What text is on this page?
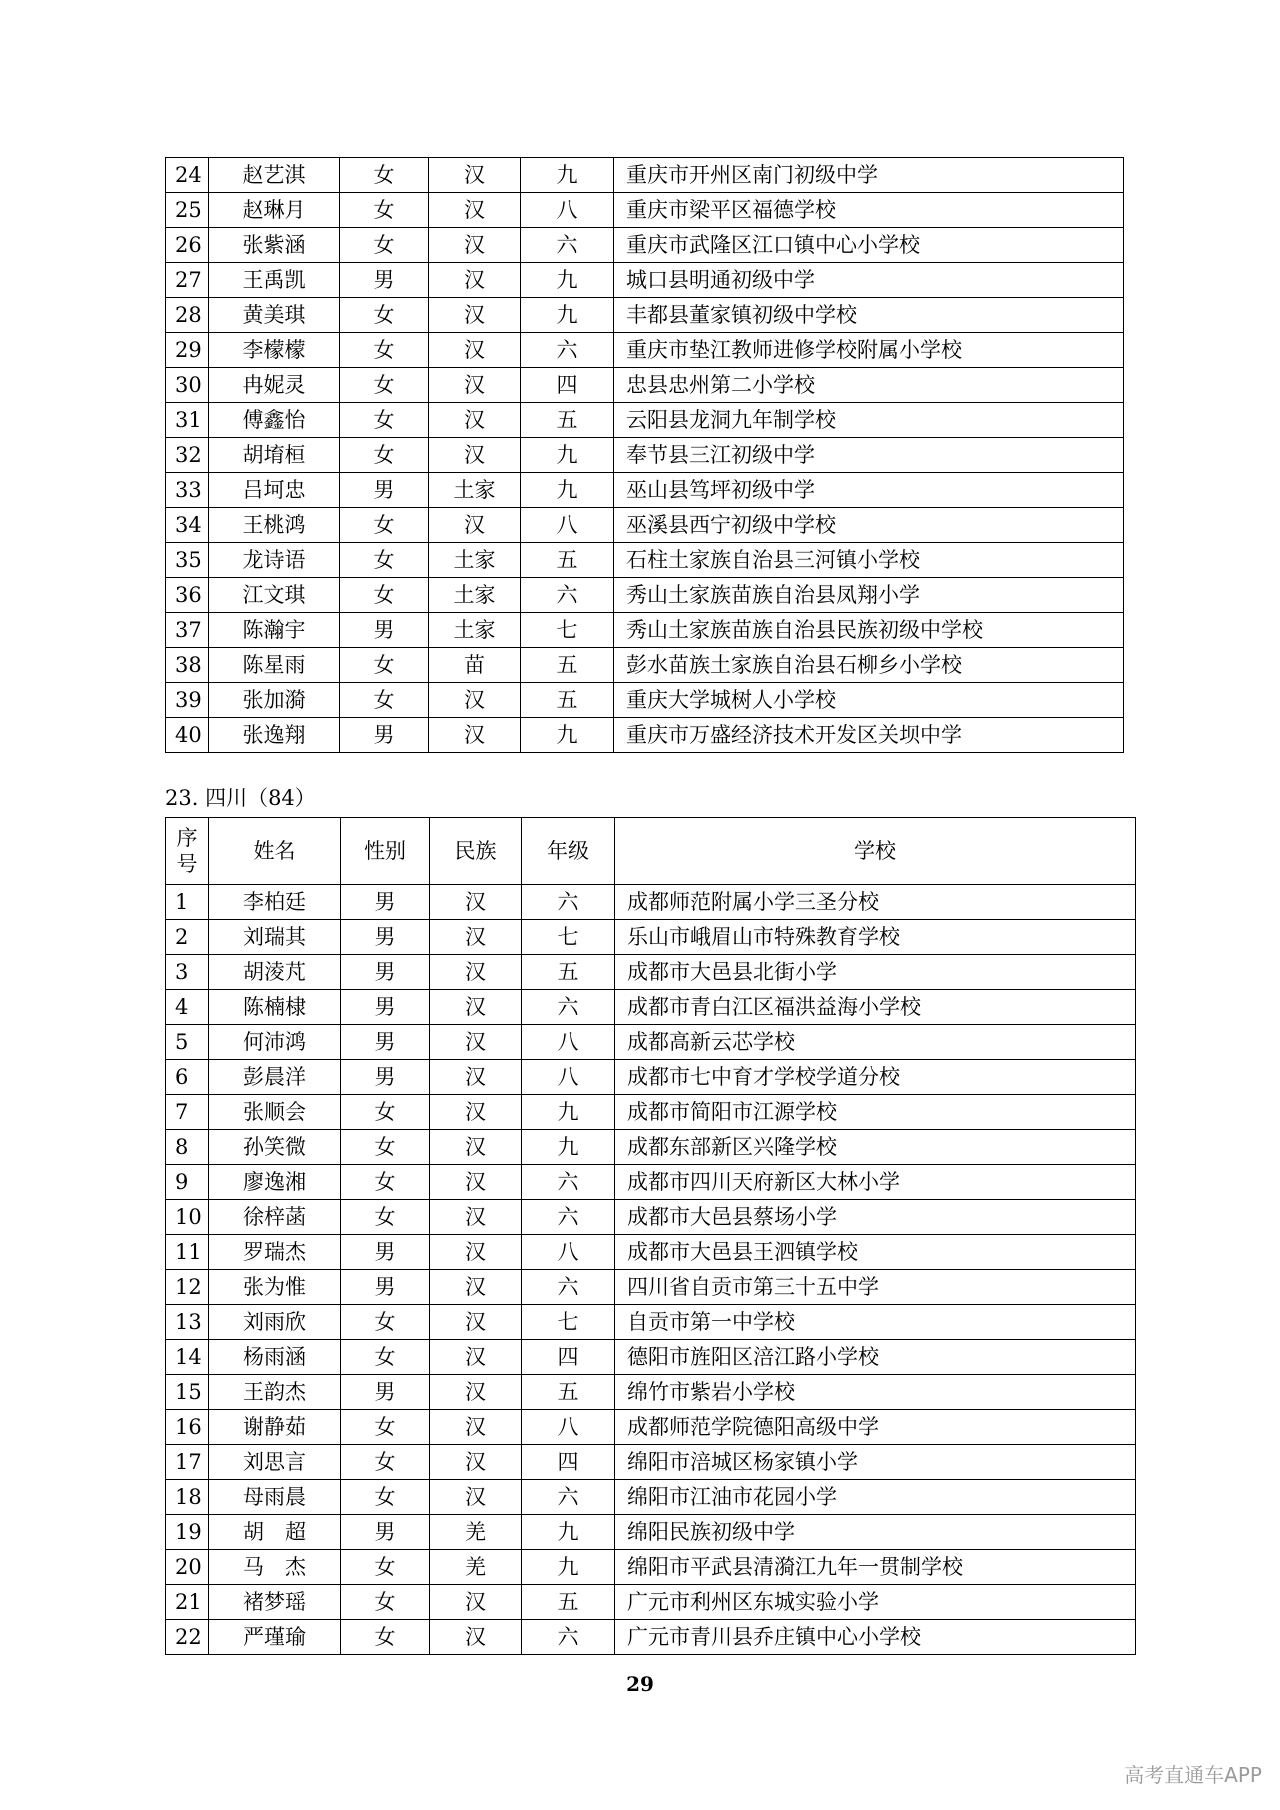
24	赵艺淇	女	汉	九	重庆市开州区南门初级中学
25	赵琳月	女	汉	八	重庆市梁平区福德学校
26	张紫涵	女	汉	六	重庆市武隆区江口镇中心小学校
27	王禹凯	男	汉	九	城口县明通初级中学
28	黄美琪	女	汉	九	丰都县董家镇初级中学校
29	李檬檬	女	汉	六	重庆市垫江教师进修学校附属小学校
30	冉妮灵	女	汉	四	忠县忠州第二小学校
31	傅鑫怡	女	汉	五	云阳县龙洞九年制学校
32	胡堉桓	女	汉	九	奉节县三江初级中学
33	吕坷忠	男	土家	九	巫山县笃坪初级中学
34	王桃鸿	女	汉	八	巫溪县西宁初级中学校
35	龙诗语	女	土家	五	石柱土家族自治县三河镇小学校
36	江文琪	女	土家	六	秀山土家族苗族自治县凤翔小学
37	陈瀚宇	男	土家	七	秀山土家族苗族自治县民族初级中学校
38	陈星雨	女	苗	五	彭水苗族土家族自治县石柳乡小学校
39	张加漪	女	汉	五	重庆大学城树人小学校
40	张逸翔	男	汉	九	重庆市万盛经济技术开发区关坝中学
23. 四川（84）
序
号	姓名	性别	民族	年级	学校
1	李柏廷	男	汉	六	成都师范附属小学三圣分校
2	刘瑞其	男	汉	七	乐山市峨眉山市特殊教育学校
3	胡淩芃	男	汉	五	成都市大邑县北街小学
4	陈楠棣	男	汉	六	成都市青白江区福洪益海小学校
5	何沛鸿	男	汉	八	成都高新云芯学校
6	彭晨洋	男	汉	八	成都市七中育才学校学道分校
7	张顺会	女	汉	九	成都市简阳市江源学校
8	孙笑微	女	汉	九	成都东部新区兴隆学校
9	廖逸湘	女	汉	六	成都市四川天府新区大林小学
10	徐梓菡	女	汉	六	成都市大邑县蔡场小学
11	罗瑞杰	男	汉	八	成都市大邑县王泗镇学校
12	张为惟	男	汉	六	四川省自贡市第三十五中学
13	刘雨欣	女	汉	七	自贡市第一中学校
14	杨雨涵	女	汉	四	德阳市旌阳区涪江路小学校
15	王韵杰	男	汉	五	绵竹市紫岩小学校
16	谢静茹	女	汉	八	成都师范学院德阳高级中学
17	刘思言	女	汉	四	绵阳市涪城区杨家镇小学
18	母雨晨	女	汉	六	绵阳市江油市花园小学
19	胡　超	男	羌	九	绵阳民族初级中学
20	马　杰	女	羌	九	绵阳市平武县清漪江九年一贯制学校
21	褚梦瑶	女	汉	五	广元市利州区东城实验小学
22	严瑾瑜	女	汉	六	广元市青川县乔庄镇中心小学校
29
高考直通车APP
